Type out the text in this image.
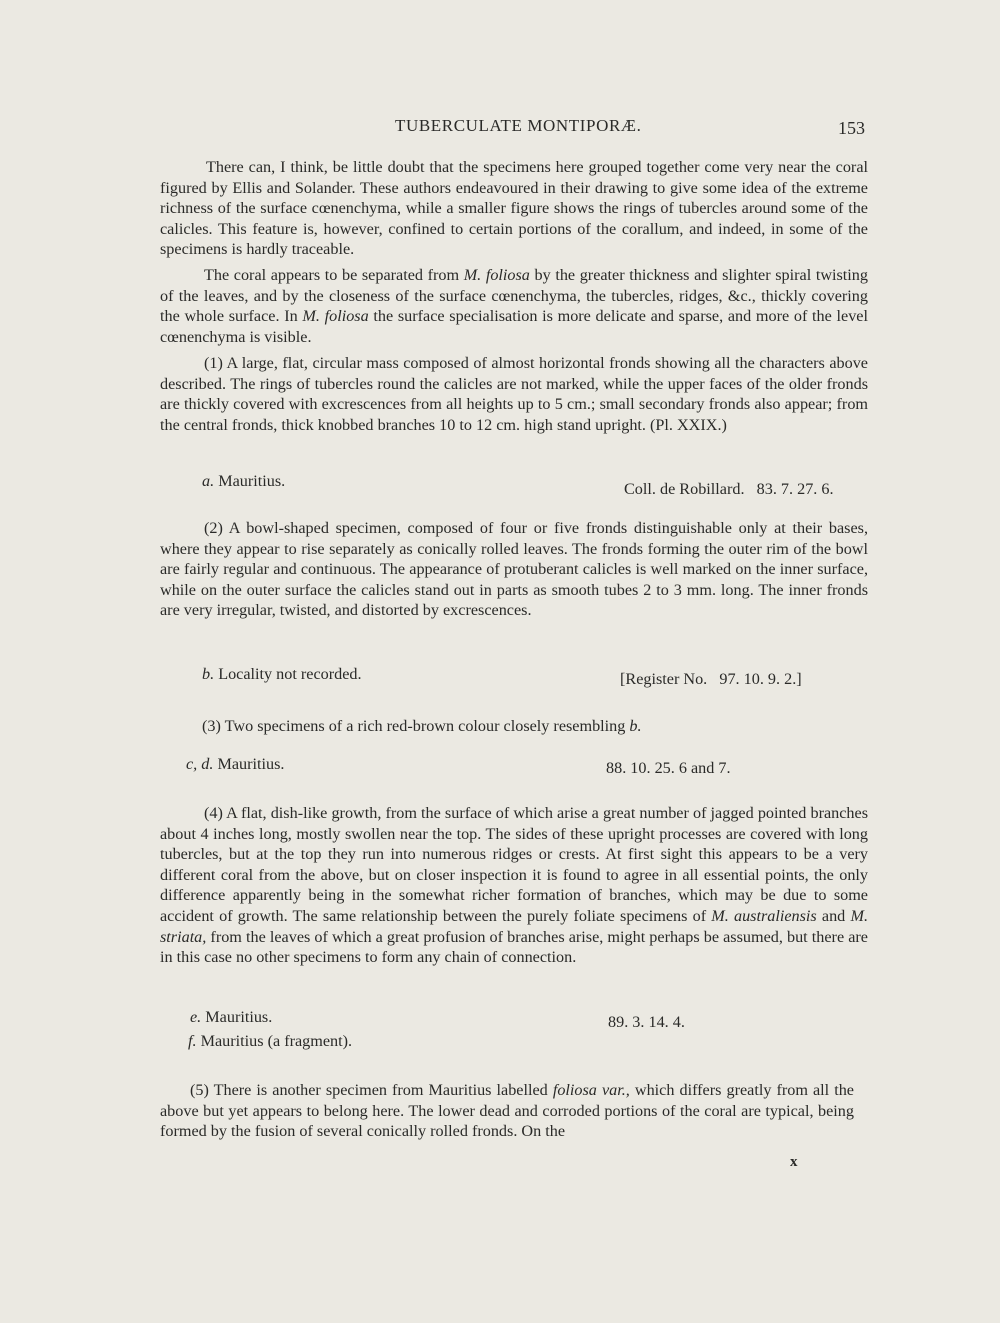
TUBERCULATE MONTIPORÆ.	153

There can, I think, be little doubt that the specimens here grouped together come very near the coral figured by Ellis and Solander. These authors endeavoured in their drawing to give some idea of the extreme richness of the surface cœnenchyma, while a smaller figure shows the rings of tubercles around some of the calicles. This feature is, however, confined to certain portions of the corallum, and indeed, in some of the specimens is hardly traceable.

The coral appears to be separated from M. foliosa by the greater thickness and slighter spiral twisting of the leaves, and by the closeness of the surface cœnenchyma, the tubercles, ridges, &c., thickly covering the whole surface. In M. foliosa the surface specialisation is more delicate and sparse, and more of the level cœnenchyma is visible.

(1) A large, flat, circular mass composed of almost horizontal fronds showing all the characters above described. The rings of tubercles round the calicles are not marked, while the upper faces of the older fronds are thickly covered with excrescences from all heights up to 5 cm.; small secondary fronds also appear; from the central fronds, thick knobbed branches 10 to 12 cm. high stand upright. (Pl. XXIX.)

a. Mauritius.	Coll. de Robillard.   83. 7. 27. 6.

(2) A bowl-shaped specimen, composed of four or five fronds distinguishable only at their bases, where they appear to rise separately as conically rolled leaves. The fronds forming the outer rim of the bowl are fairly regular and continuous. The appearance of protuberant calicles is well marked on the inner surface, while on the outer surface the calicles stand out in parts as smooth tubes 2 to 3 mm. long. The inner fronds are very irregular, twisted, and distorted by excrescences.

b. Locality not recorded.	[Register No.   97. 10. 9. 2.]
(3) Two specimens of a rich red-brown colour closely resembling b.
c, d. Mauritius.	88. 10. 25. 6 and 7.

(4) A flat, dish-like growth, from the surface of which arise a great number of jagged pointed branches about 4 inches long, mostly swollen near the top. The sides of these upright processes are covered with long tubercles, but at the top they run into numerous ridges or crests. At first sight this appears to be a very different coral from the above, but on closer inspection it is found to agree in all essential points, the only difference apparently being in the somewhat richer formation of branches, which may be due to some accident of growth. The same relationship between the purely foliate specimens of M. australiensis and M. striata, from the leaves of which a great profusion of branches arise, might perhaps be assumed, but there are in this case no other specimens to form any chain of connection.

e. Mauritius.	89. 3. 14. 4.
f. Mauritius (a fragment).

(5) There is another specimen from Mauritius labelled foliosa var., which differs greatly from all the above but yet appears to belong here. The lower dead and corroded portions of the coral are typical, being formed by the fusion of several conically rolled fronds. On the

x
